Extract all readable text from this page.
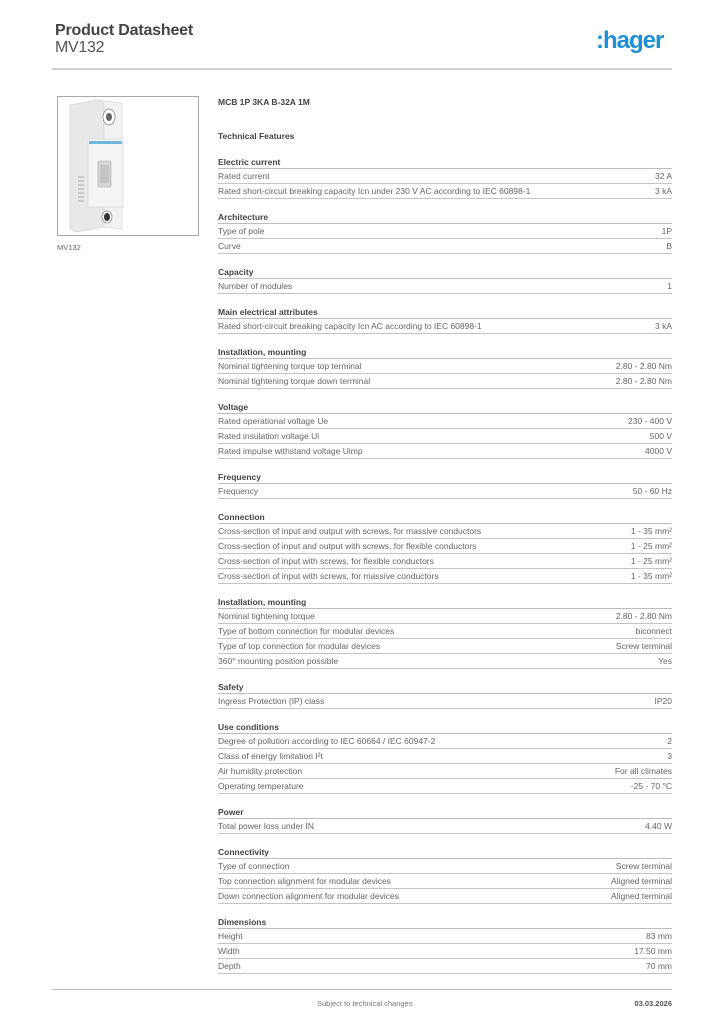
Product Datasheet
MV132	:hager
MV132
MCB 1P 3KA B-32A 1M
Technical Features
Electric current
Rated current	32 A
Rated short-circuit breaking capacity Icn under 230 V AC according to IEC 60898-1	3 kA
Architecture
Type of pole	1P
Curve	B
Capacity
Number of modules	1
Main electrical attributes
Rated short-circuit breaking capacity Icn AC according to IEC 60898-1	3 kA
Installation, mounting
Nominal tightening torque top terminal	2.80 - 2.80 Nm
Nominal tightening torque down terminal	2.80 - 2.80 Nm
Voltage
Rated operational voltage Ue	230 - 400 V
Rated insulation voltage Ui	500 V
Rated impulse withstand voltage Uimp	4000 V
Frequency
Frequency	50 - 60 Hz
Connection
Cross-section of input and output with screws, for massive conductors	1 - 35 mm²
Cross-section of input and output with screws, for flexible conductors	1 - 25 mm²
Cross-section of input with screws, for flexible conductors	1 - 25 mm²
Cross-section of input with screws, for massive conductors	1 - 35 mm²
Installation, mounting
Nominal tightening torque	2.80 - 2.80 Nm
Type of bottom connection for modular devices	biconnect
Type of top connection for modular devices	Screw terminal
360° mounting position possible	Yes
Safety
Ingress Protection (IP) class	IP20
Use conditions
Degree of pollution according to IEC 60664 / IEC 60947-2	2
Class of energy limitation I²t	3
Air humidity protection	For all climates
Operating temperature	-25 - 70 °C
Power
Total power loss under IN	4.40 W
Connectivity
Type of connection	Screw terminal
Top connection alignment for modular devices	Aligned terminal
Down connection alignment for modular devices	Aligned terminal
Dimensions
Height	83 mm
Width	17.50 mm
Depth	70 mm
Subject to technical changes	03.03.2026
